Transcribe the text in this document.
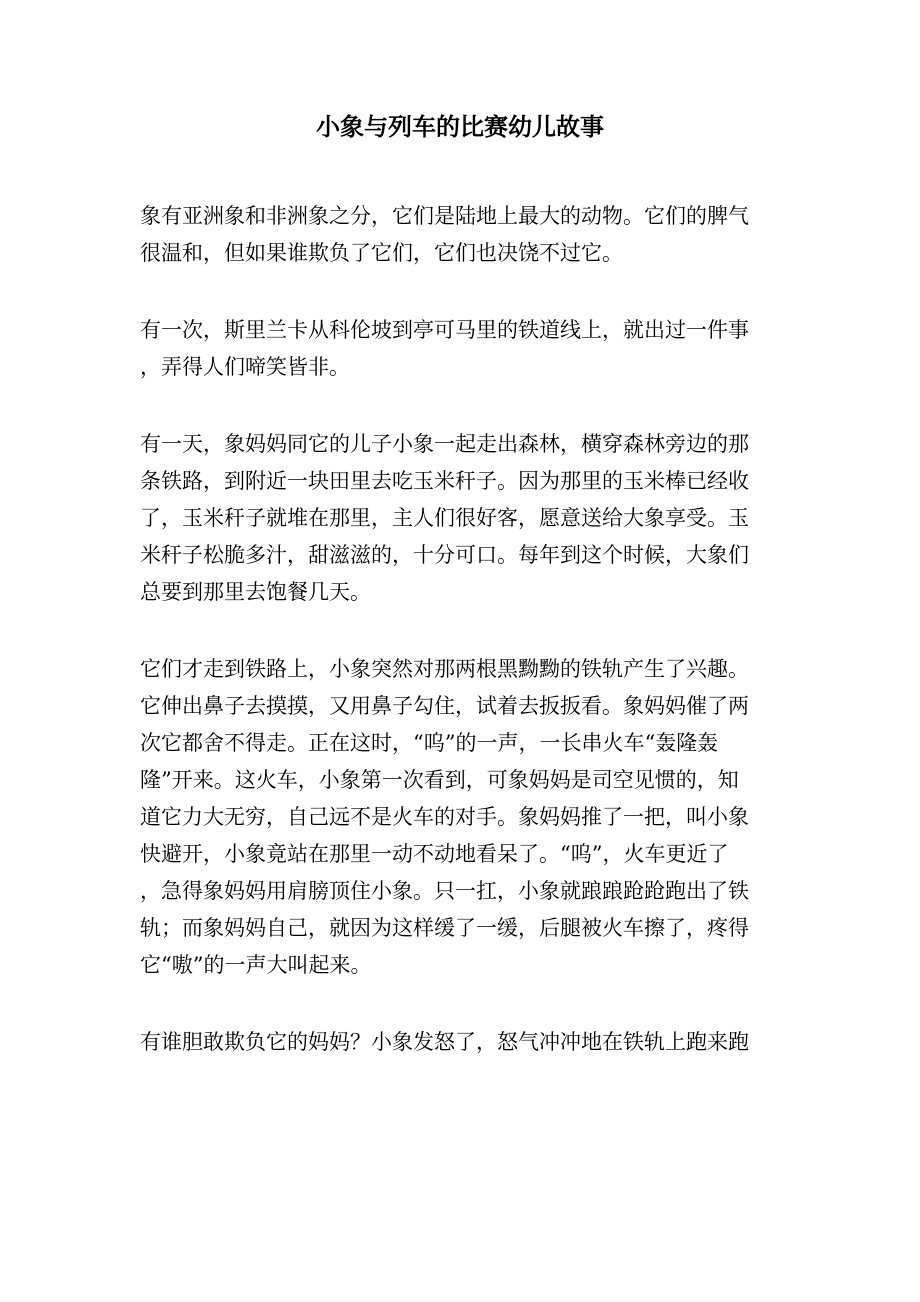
小象与列车的比赛幼儿故事

象有亚洲象和非洲象之分，它们是陆地上最大的动物。它们的脾气
很温和，但如果谁欺负了它们，它们也决饶不过它。

有一次，斯里兰卡从科伦坡到亭可马里的铁道线上，就出过一件事
，弄得人们啼笑皆非。

有一天，象妈妈同它的儿子小象一起走出森林，横穿森林旁边的那
条铁路，到附近一块田里去吃玉米秆子。因为那里的玉米棒已经收
了，玉米秆子就堆在那里，主人们很好客，愿意送给大象享受。玉
米秆子松脆多汁，甜滋滋的，十分可口。每年到这个时候，大象们
总要到那里去饱餐几天。

它们才走到铁路上，小象突然对那两根黑黝黝的铁轨产生了兴趣。
它伸出鼻子去摸摸，又用鼻子勾住，试着去扳扳看。象妈妈催了两
次它都舍不得走。正在这时，“呜”的一声，一长串火车“轰隆轰
隆”开来。这火车，小象第一次看到，可象妈妈是司空见惯的，知
道它力大无穷，自己远不是火车的对手。象妈妈推了一把，叫小象
快避开，小象竟站在那里一动不动地看呆了。“呜”，火车更近了
，急得象妈妈用肩膀顶住小象。只一扛，小象就踉踉跄跄跑出了铁
轨；而象妈妈自己，就因为这样缓了一缓，后腿被火车擦了，疼得
它“嗷”的一声大叫起来。

有谁胆敢欺负它的妈妈？小象发怒了，怒气冲冲地在铁轨上跑来跑
